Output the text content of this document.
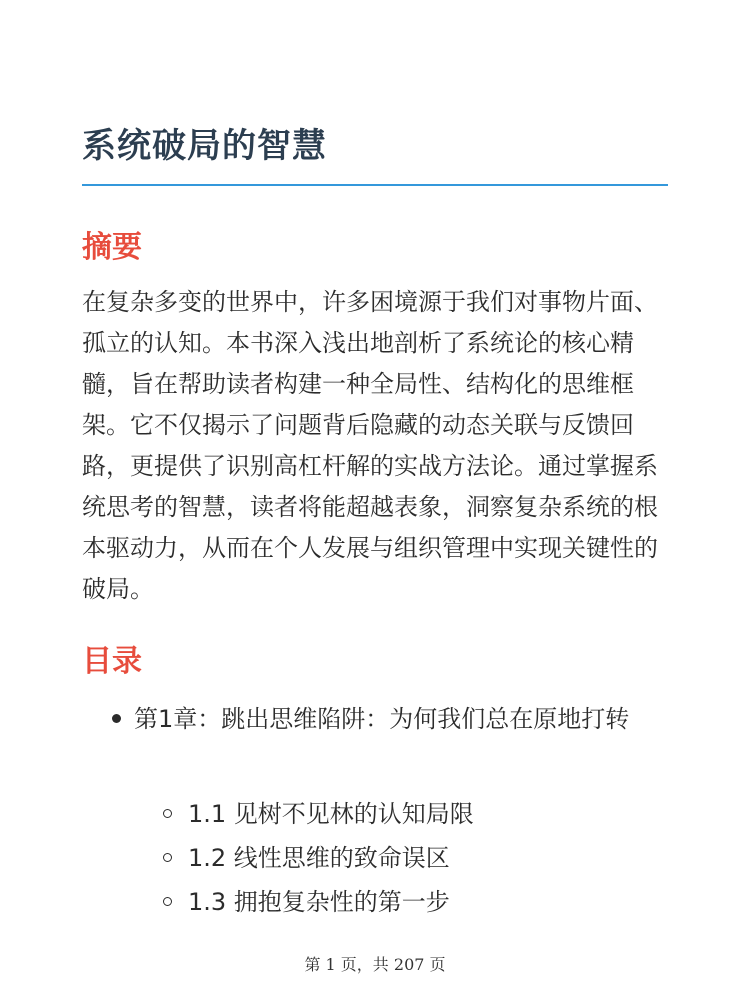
系统破局的智慧
摘要

在复杂多变的世界中，许多困境源于我们对事物片面、孤立的认知。本书深入浅出地剖析了系统论的核心精髓，旨在帮助读者构建一种全局性、结构化的思维框架。它不仅揭示了问题背后隐藏的动态关联与反馈回路，更提供了识别高杠杆解的实战方法论。通过掌握系统思考的智慧，读者将能超越表象，洞察复杂系统的根本驱动力，从而在个人发展与组织管理中实现关键性的破局。

目录
第1章：跳出思维陷阱：为何我们总在原地打转
1.1 见树不见林的认知局限
1.2 线性思维的致命误区
1.3 拥抱复杂性的第一步
第 1 页，共 207 页
